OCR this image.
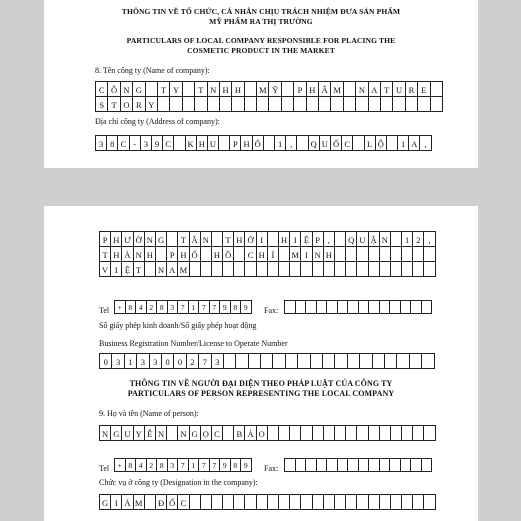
THÔNG TIN VỀ TỔ CHỨC, CÁ NHÂN CHỊU TRÁCH NHIỆM ĐƯA SẢN PHẨM
MỸ PHẨM RA THỊ TRƯỜNG
PARTICULARS OF LOCAL COMPANY RESPONSIBLE FOR PLACING THE
COSMETIC PRODUCT IN THE MARKET
8. Tên công ty (Name of company):
C Ô N G	T Y	T N H H	M Ỹ	P H Ẩ M	N A T U R E
S T O R Y
Địa chỉ công ty (Address of company):
3 8 C - 3 9 C	K H U	P H Ố	1 ,	Q U Ố C	L Ộ	1 A ,
P H Ư Ờ N G	T Â N	T H Ớ I	H I Ệ P ,	Q U Ậ N	1 2 ,
T H À N H	P H Ố	H Ồ	C H Í	M I N H
V I Ệ T	N A M
Tel	+ 8 4 2 8 3 7 1 7 7 9 8 9	Fax:
Số giấy phép kinh doanh/Số giấy phép hoạt động
Business Registration Number/License to Operate Number
0 3 1 3 3 0 0 2 7 3
THÔNG TIN VỀ NGƯỜI ĐẠI DIỆN THEO PHÁP LUẬT CỦA CÔNG TY
PARTICULARS OF PERSON REPRESENTING THE LOCAL COMPANY
9. Họ và tên (Name of person):
N G U Y Ễ N	N G Ọ C	B Ả O
Tel	+ 8 4 2 8 3 7 1 7 7 9 8 9	Fax:
Chức vụ ở công ty (Designation in the company):
G I Á M	Đ Ố C
